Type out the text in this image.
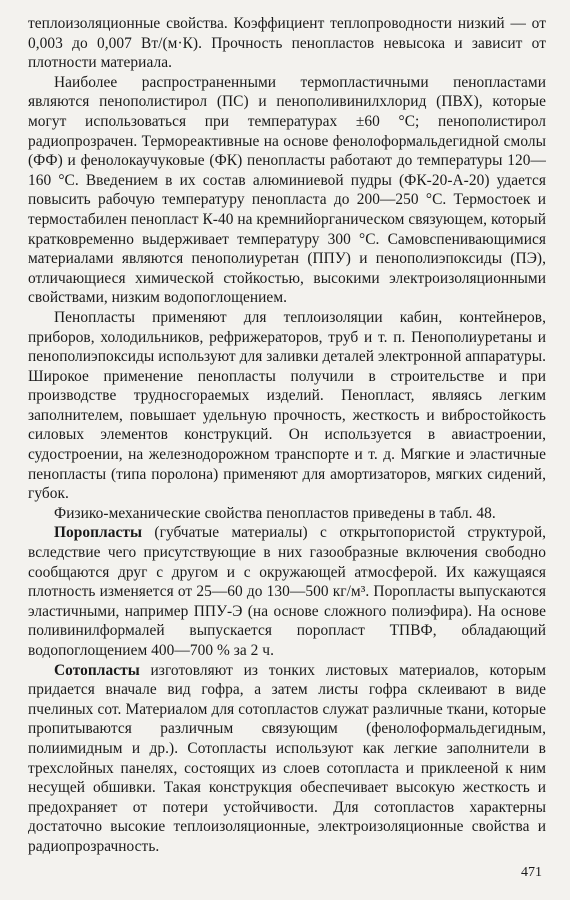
теплоизоляционные свойства. Коэффициент теплопроводности низкий — от 0,003 до 0,007 Вт/(м·К). Прочность пенопластов невысока и зависит от плотности материала.

Наиболее распространенными термопластичными пенопластами являются пенополистирол (ПС) и пенополивинилхлорид (ПВХ), которые могут использоваться при температурах ±60 °С; пенополистирол радиопрозрачен. Термореактивные на основе фенолоформальдегидной смолы (ФФ) и фенолокаучуковые (ФК) пенопласты работают до температуры 120—160 °С. Введением в их состав алюминиевой пудры (ФК-20-А-20) удается повысить рабочую температуру пенопласта до 200—250 °С. Термостоек и термостабилен пенопласт К-40 на кремнийорганическом связующем, который кратковременно выдерживает температуру 300 °С. Самовспенивающимися материалами являются пенополиуретан (ППУ) и пенополиэпоксиды (ПЭ), отличающиеся химической стойкостью, высокими электроизоляционными свойствами, низким водопоглощением.

Пенопласты применяют для теплоизоляции кабин, контейнеров, приборов, холодильников, рефрижераторов, труб и т. п. Пенополиуретаны и пенополиэпоксиды используют для заливки деталей электронной аппаратуры. Широкое применение пенопласты получили в строительстве и при производстве трудносгораемых изделий. Пенопласт, являясь легким заполнителем, повышает удельную прочность, жесткость и вибростойкость силовых элементов конструкций. Он используется в авиастроении, судостроении, на железнодорожном транспорте и т. д. Мягкие и эластичные пенопласты (типа поролона) применяют для амортизаторов, мягких сидений, губок.

Физико-механические свойства пенопластов приведены в табл. 48.

Поропласты (губчатые материалы) с открытопористой структурой, вследствие чего присутствующие в них газообразные включения свободно сообщаются друг с другом и с окружающей атмосферой. Их кажущаяся плотность изменяется от 25—60 до 130—500 кг/м³. Поропласты выпускаются эластичными, например ППУ-Э (на основе сложного полиэфира). На основе поливинилформалей выпускается поропласт ТПВФ, обладающий водопоглощением 400—700 % за 2 ч.

Сотопласты изготовляют из тонких листовых материалов, которым придается вначале вид гофра, а затем листы гофра склеивают в виде пчелиных сот. Материалом для сотопластов служат различные ткани, которые пропитываются различным связующим (фенолоформальдегидным, полиимидным и др.). Сотопласты используют как легкие заполнители в трехслойных панелях, состоящих из слоев сотопласта и приклееной к ним несущей обшивки. Такая конструкция обеспечивает высокую жесткость и предохраняет от потери устойчивости. Для сотопластов характерны достаточно высокие теплоизоляционные, электроизоляционные свойства и радиопрозрачность.

471
